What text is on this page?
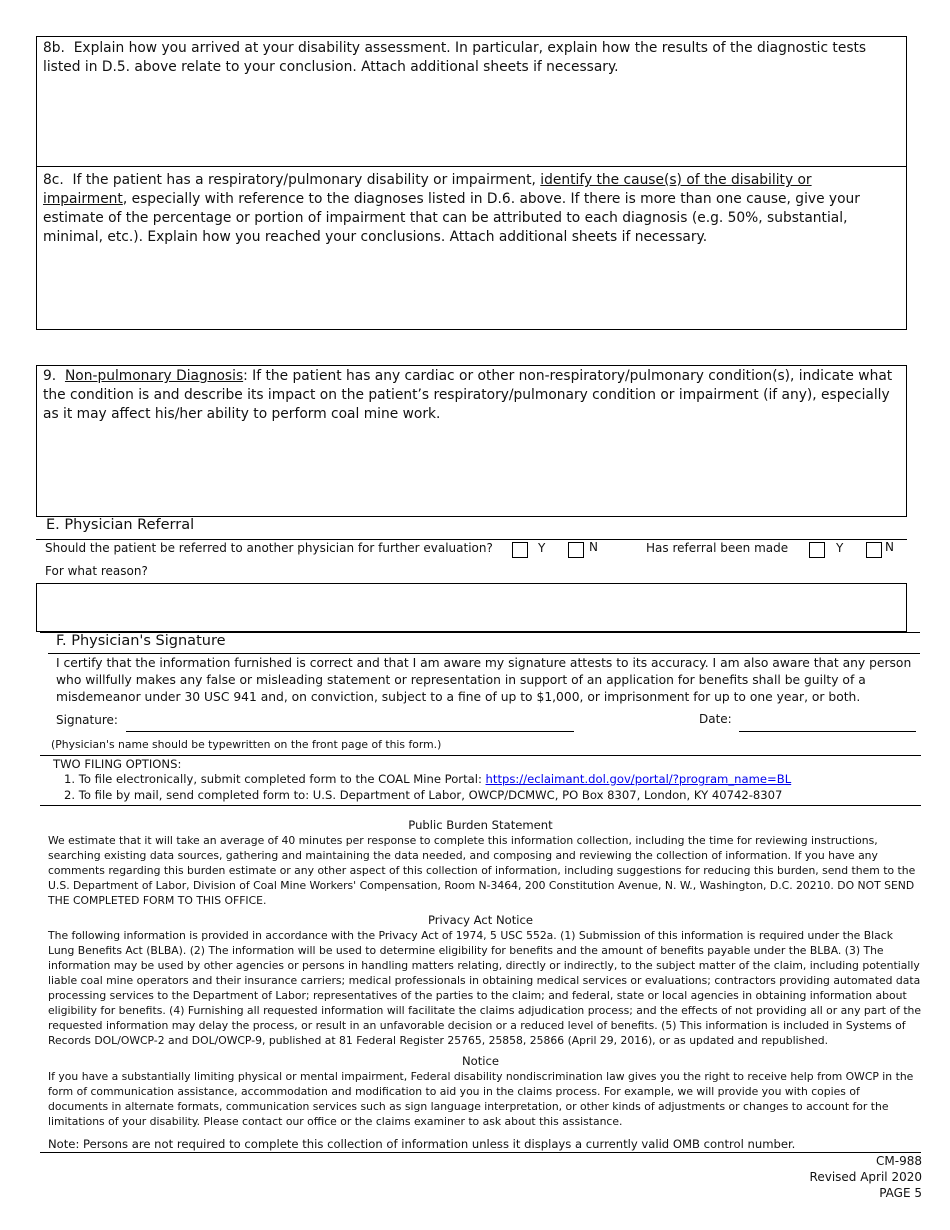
8b. Explain how you arrived at your disability assessment. In particular, explain how the results of the diagnostic tests listed in D.5. above relate to your conclusion. Attach additional sheets if necessary.
8c. If the patient has a respiratory/pulmonary disability or impairment, identify the cause(s) of the disability or impairment, especially with reference to the diagnoses listed in D.6. above. If there is more than one cause, give your estimate of the percentage or portion of impairment that can be attributed to each diagnosis (e.g. 50%, substantial, minimal, etc.). Explain how you reached your conclusions. Attach additional sheets if necessary.
9. Non-pulmonary Diagnosis: If the patient has any cardiac or other non-respiratory/pulmonary condition(s), indicate what the condition is and describe its impact on the patient’s respiratory/pulmonary condition or impairment (if any), especially as it may affect his/her ability to perform coal mine work.
E. Physician Referral
Should the patient be referred to another physician for further evaluation?	Y	N	Has referral been made	Y	N
For what reason?
F. Physician's Signature
I certify that the information furnished is correct and that I am aware my signature attests to its accuracy. I am also aware that any person who willfully makes any false or misleading statement or representation in support of an application for benefits shall be guilty of a misdemeanor under 30 USC 941 and, on conviction, subject to a fine of up to $1,000, or imprisonment for up to one year, or both.
Signature:	Date:
(Physician's name should be typewritten on the front page of this form.)
TWO FILING OPTIONS:
1. To file electronically, submit completed form to the COAL Mine Portal: https://eclaimant.dol.gov/portal/?program_name=BL
2. To file by mail, send completed form to: U.S. Department of Labor, OWCP/DCMWC, PO Box 8307, London, KY 40742-8307
Public Burden Statement
We estimate that it will take an average of 40 minutes per response to complete this information collection, including the time for reviewing instructions, searching existing data sources, gathering and maintaining the data needed, and composing and reviewing the collection of information. If you have any comments regarding this burden estimate or any other aspect of this collection of information, including suggestions for reducing this burden, send them to the U.S. Department of Labor, Division of Coal Mine Workers' Compensation, Room N-3464, 200 Constitution Avenue, N. W., Washington, D.C. 20210. DO NOT SEND THE COMPLETED FORM TO THIS OFFICE.
Privacy Act Notice
The following information is provided in accordance with the Privacy Act of 1974, 5 USC 552a. (1) Submission of this information is required under the Black Lung Benefits Act (BLBA). (2) The information will be used to determine eligibility for benefits and the amount of benefits payable under the BLBA. (3) The information may be used by other agencies or persons in handling matters relating, directly or indirectly, to the subject matter of the claim, including potentially liable coal mine operators and their insurance carriers; medical professionals in obtaining medical services or evaluations; contractors providing automated data processing services to the Department of Labor; representatives of the parties to the claim; and federal, state or local agencies in obtaining information about eligibility for benefits. (4) Furnishing all requested information will facilitate the claims adjudication process; and the effects of not providing all or any part of the requested information may delay the process, or result in an unfavorable decision or a reduced level of benefits. (5) This information is included in Systems of Records DOL/OWCP-2 and DOL/OWCP-9, published at 81 Federal Register 25765, 25858, 25866 (April 29, 2016), or as updated and republished.
Notice
If you have a substantially limiting physical or mental impairment, Federal disability nondiscrimination law gives you the right to receive help from OWCP in the form of communication assistance, accommodation and modification to aid you in the claims process. For example, we will provide you with copies of documents in alternate formats, communication services such as sign language interpretation, or other kinds of adjustments or changes to account for the limitations of your disability. Please contact our office or the claims examiner to ask about this assistance.
Note: Persons are not required to complete this collection of information unless it displays a currently valid OMB control number.
CM-988
Revised April 2020
PAGE 5
